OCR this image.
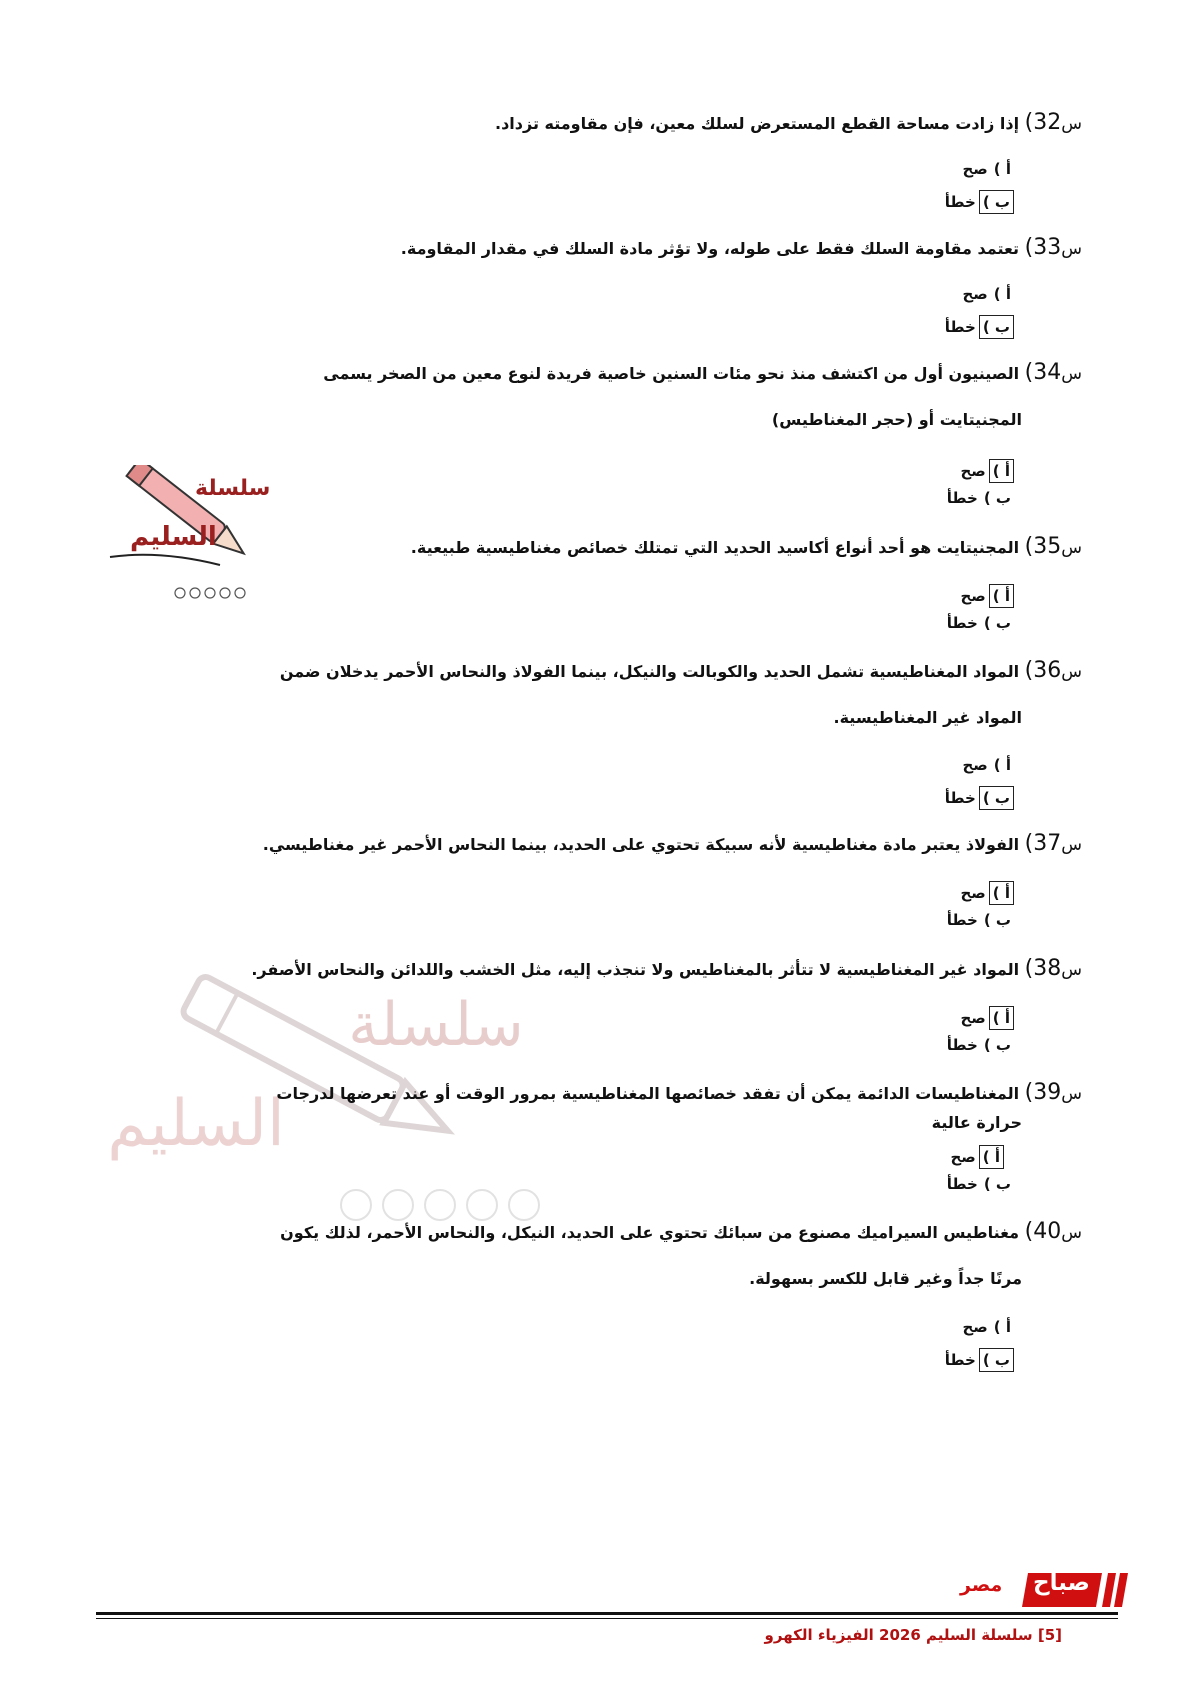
سلسلة
السليم
سلسلة
السليم
س32) إذا زادت مساحة القطع المستعرض لسلك معين، فإن مقاومته تزداد.
أ )صح
ب )خطأ
س33) تعتمد مقاومة السلك فقط على طوله، ولا تؤثر مادة السلك في مقدار المقاومة.
أ )صح
ب )خطأ
س34) الصينيون أول من اكتشف منذ نحو مئات السنين خاصية فريدة لنوع معين من الصخر يسمى
المجنيتايت أو (حجر المغناطيس)
أ )صح
ب )خطأ
س35) المجنيتايت هو أحد أنواع أكاسيد الحديد التي تمتلك خصائص مغناطيسية طبيعية.
أ )صح
ب )خطأ
س36) المواد المغناطيسية تشمل الحديد والكوبالت والنيكل، بينما الفولاذ والنحاس الأحمر يدخلان ضمن
المواد غير المغناطيسية.
أ )صح
ب )خطأ
س37) الفولاذ يعتبر مادة مغناطيسية لأنه سبيكة تحتوي على الحديد، بينما النحاس الأحمر غير مغناطيسي.
أ )صح
ب )خطأ
س38) المواد غير المغناطيسية لا تتأثر بالمغناطيس ولا تنجذب إليه، مثل الخشب واللدائن والنحاس الأصفر.
أ )صح
ب )خطأ
س39) المغناطيسات الدائمة يمكن أن تفقد خصائصها المغناطيسية بمرور الوقت أو عند تعرضها لدرجات
حرارة عالية
أ )صح
ب )خطأ
س40) مغناطيس السيراميك مصنوع من سبائك تحتوي على الحديد، النيكل، والنحاس الأحمر، لذلك يكون
مرنًا جداً وغير قابل للكسر بسهولة.
أ )صح
ب )خطأ
صباح
مصر
[5] سلسلة السليم 2026 الفيزياء الكهرو
